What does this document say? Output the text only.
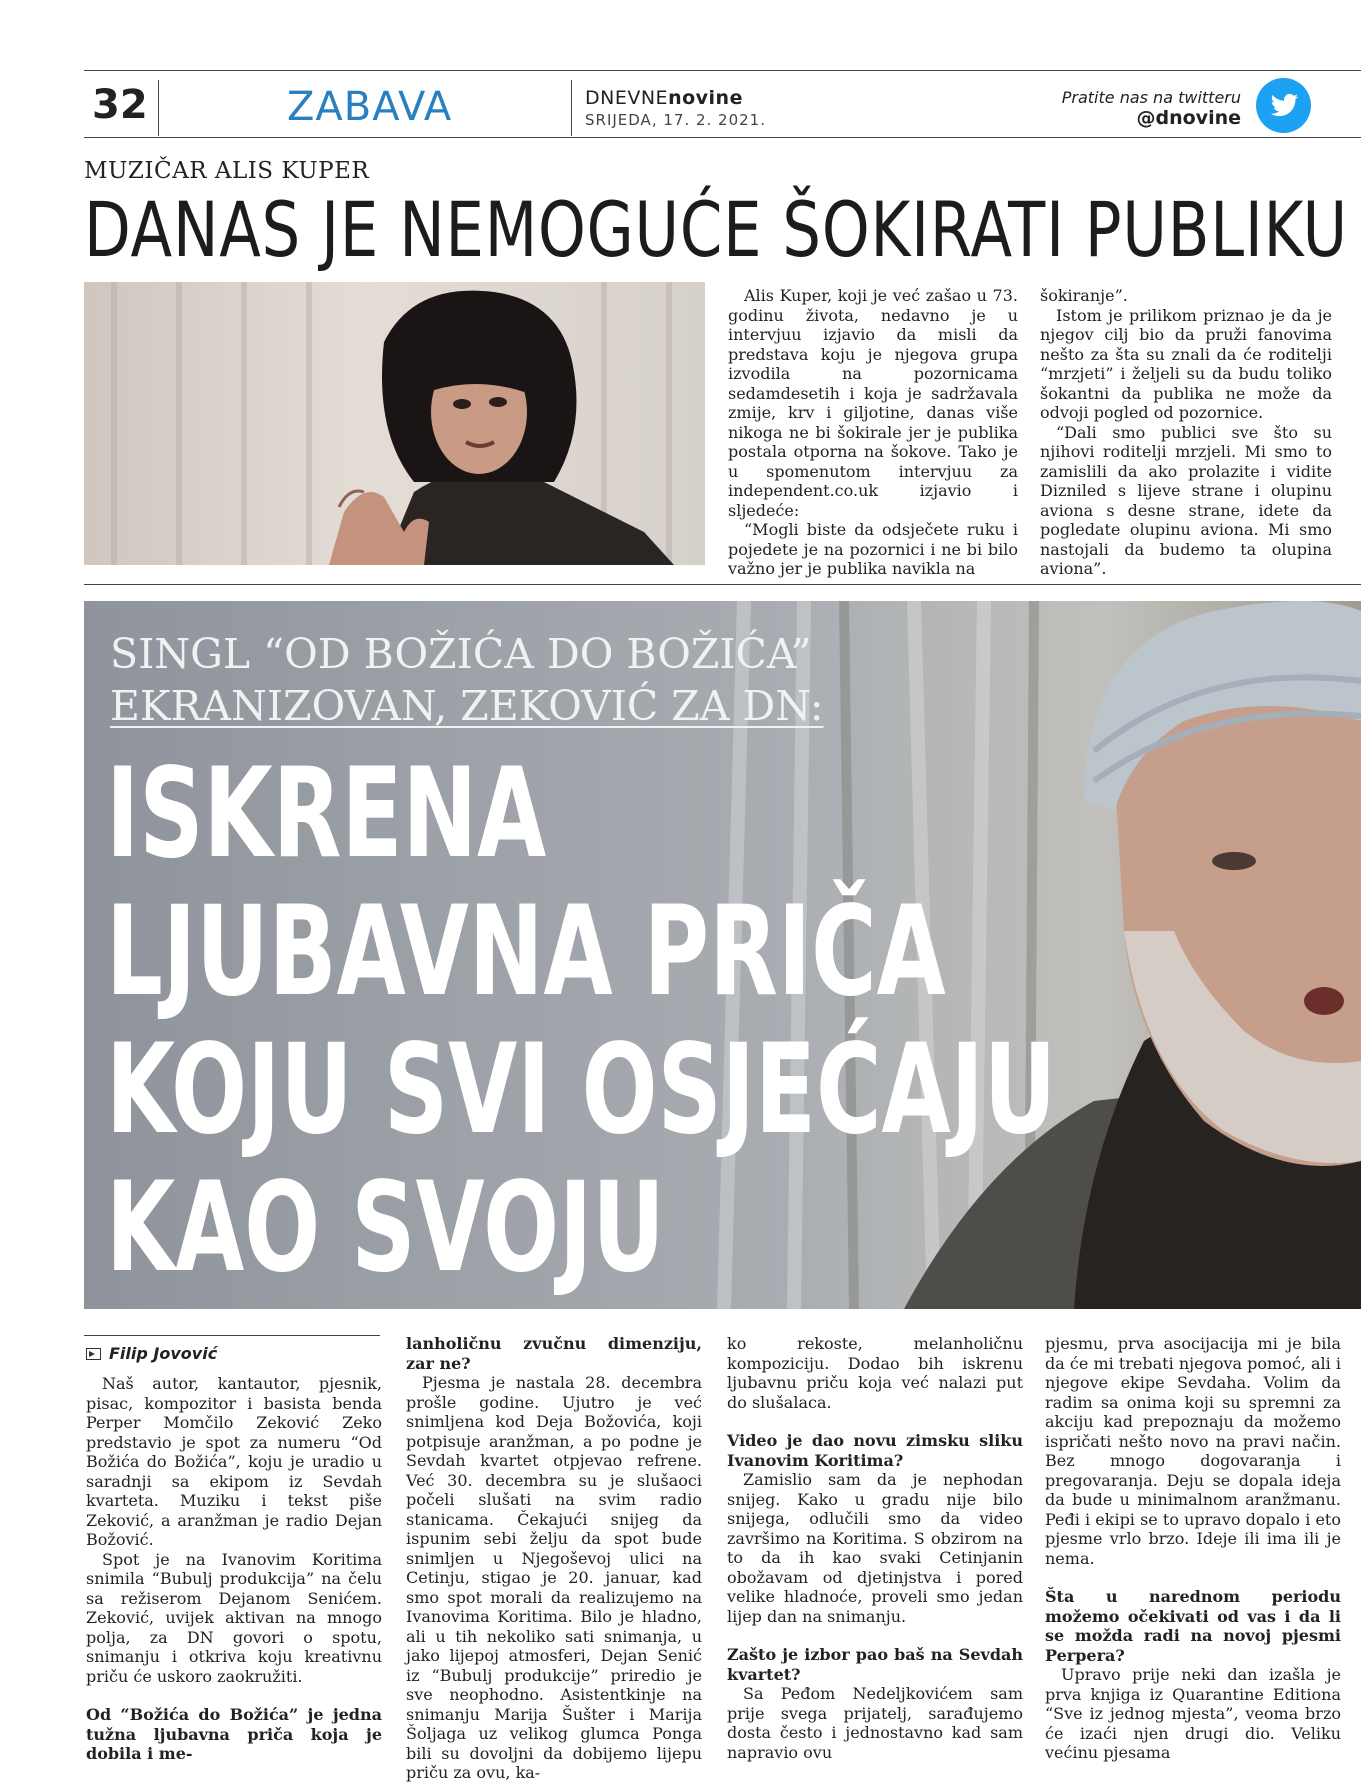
32	ZABAVA	DNEVNEnovine
SRIJEDA, 17. 2. 2021.
Pratite nas na twitteru
@dnovine
MUZIČAR ALIS KUPER
DANAS JE NEMOGUĆE ŠOKIRATI PUBLIKU

Alis Kuper, koji je već zašao u 73. godinu života, nedavno je u intervjuu izjavio da misli da predstava koju je njegova grupa izvodila na pozornicama sedamdesetih i koja je sadržavala zmije, krv i giljotine, danas više nikoga ne bi šokirale jer je publika postala otporna na šokove. Tako je u spomenutom intervjuu za independent.co.uk izjavio i sljedeće:

“Mogli biste da odsječete ruku i pojedete je na pozornici i ne bi bilo važno jer je publika navikla na

šokiranje”.

Istom je prilikom priznao je da je njegov cilj bio da pruži fanovima nešto za šta su znali da će roditelji “mrzjeti” i željeli su da budu toliko šokantni da publika ne može da odvoji pogled od pozornice.

“Dali smo publici sve što su njihovi roditelji mrzjeli. Mi smo to zamislili da ako prolazite i vidite Dizniled s lijeve strane i olupinu aviona s desne strane, idete da pogledate olupinu aviona. Mi smo nastojali da budemo ta olupina aviona”.

SINGL “OD BOŽIĆA DO BOŽIĆA”
EKRANIZOVAN, ZEKOVIĆ ZA DN:
ISKRENA
LJUBAVNA PRIČA
KOJU SVI OSJEĆAJU
KAO SVOJU
Filip Jovović

Naš autor, kantautor, pjesnik, pisac, kompozitor i basista benda Perper Momčilo Zeković Zeko predstavio je spot za numeru “Od Božića do Božića”, koju je uradio u saradnji sa ekipom iz Sevdah kvarteta. Muziku i tekst piše Zeković, a aranžman je radio Dejan Božović.

Spot je na Ivanovim Koritima snimila “Bubulj produkcija” na čelu sa režiserom Dejanom Senićem. Zeković, uvijek aktivan na mnogo polja, za DN govori o spotu, snimanju i otkriva koju kreativnu priču će uskoro zaokružiti.

Od “Božića do Božića” je jedna tužna ljubavna priča koja je dobila i me-

lanholičnu zvučnu dimenziju, zar ne?

Pjesma je nastala 28. decembra prošle godine. Ujutro je već snimljena kod Deja Božovića, koji potpisuje aranžman, a po podne je Sevdah kvartet otpjevao refrene. Već 30. decembra su je slušaoci počeli slušati na svim radio stanicama. Čekajući snijeg da ispunim sebi želju da spot bude snimljen u Njegoševoj ulici na Cetinju, stigao je 20. januar, kad smo spot morali da realizujemo na Ivanovima Koritima. Bilo je hladno, ali u tih nekoliko sati snimanja, u jako lijepoj atmosferi, Dejan Senić iz “Bubulj produkcije” priredio je sve neophodno. Asistentkinje na snimanju Marija Šušter i Marija Šoljaga uz velikog glumca Ponga bili su dovoljni da dobijemo lijepu priču za ovu, ka-

ko rekoste, melanholičnu kompoziciju. Dodao bih iskrenu ljubavnu priču koja već nalazi put do slušalaca.

Video je dao novu zimsku sliku Ivanovim Koritima?

Zamislio sam da je nephodan snijeg. Kako u gradu nije bilo snijega, odlučili smo da video završimo na Koritima. S obzirom na to da ih kao svaki Cetinjanin obožavam od djetinjstva i pored velike hladnoće, proveli smo jedan lijep dan na snimanju.

Zašto je izbor pao baš na Sevdah kvartet?

Sa Peđom Nedeljkovićem sam prije svega prijatelj, sarađujemo dosta često i jednostavno kad sam napravio ovu

pjesmu, prva asocijacija mi je bila da će mi trebati njegova pomoć, ali i njegove ekipe Sevdaha. Volim da radim sa onima koji su spremni za akciju kad prepoznaju da možemo ispričati nešto novo na pravi način. Bez mnogo dogovaranja i pregovaranja. Deju se dopala ideja da bude u minimalnom aranžmanu. Peđi i ekipi se to upravo dopalo i eto pjesme vrlo brzo. Ideje ili ima ili je nema.

Šta u narednom periodu možemo očekivati od vas i da li se možda radi na novoj pjesmi Perpera?

Upravo prije neki dan izašla je prva knjiga iz Quarantine Editiona “Sve iz jednog mjesta”, veoma brzo će izaći njen drugi dio. Veliku većinu pjesama
